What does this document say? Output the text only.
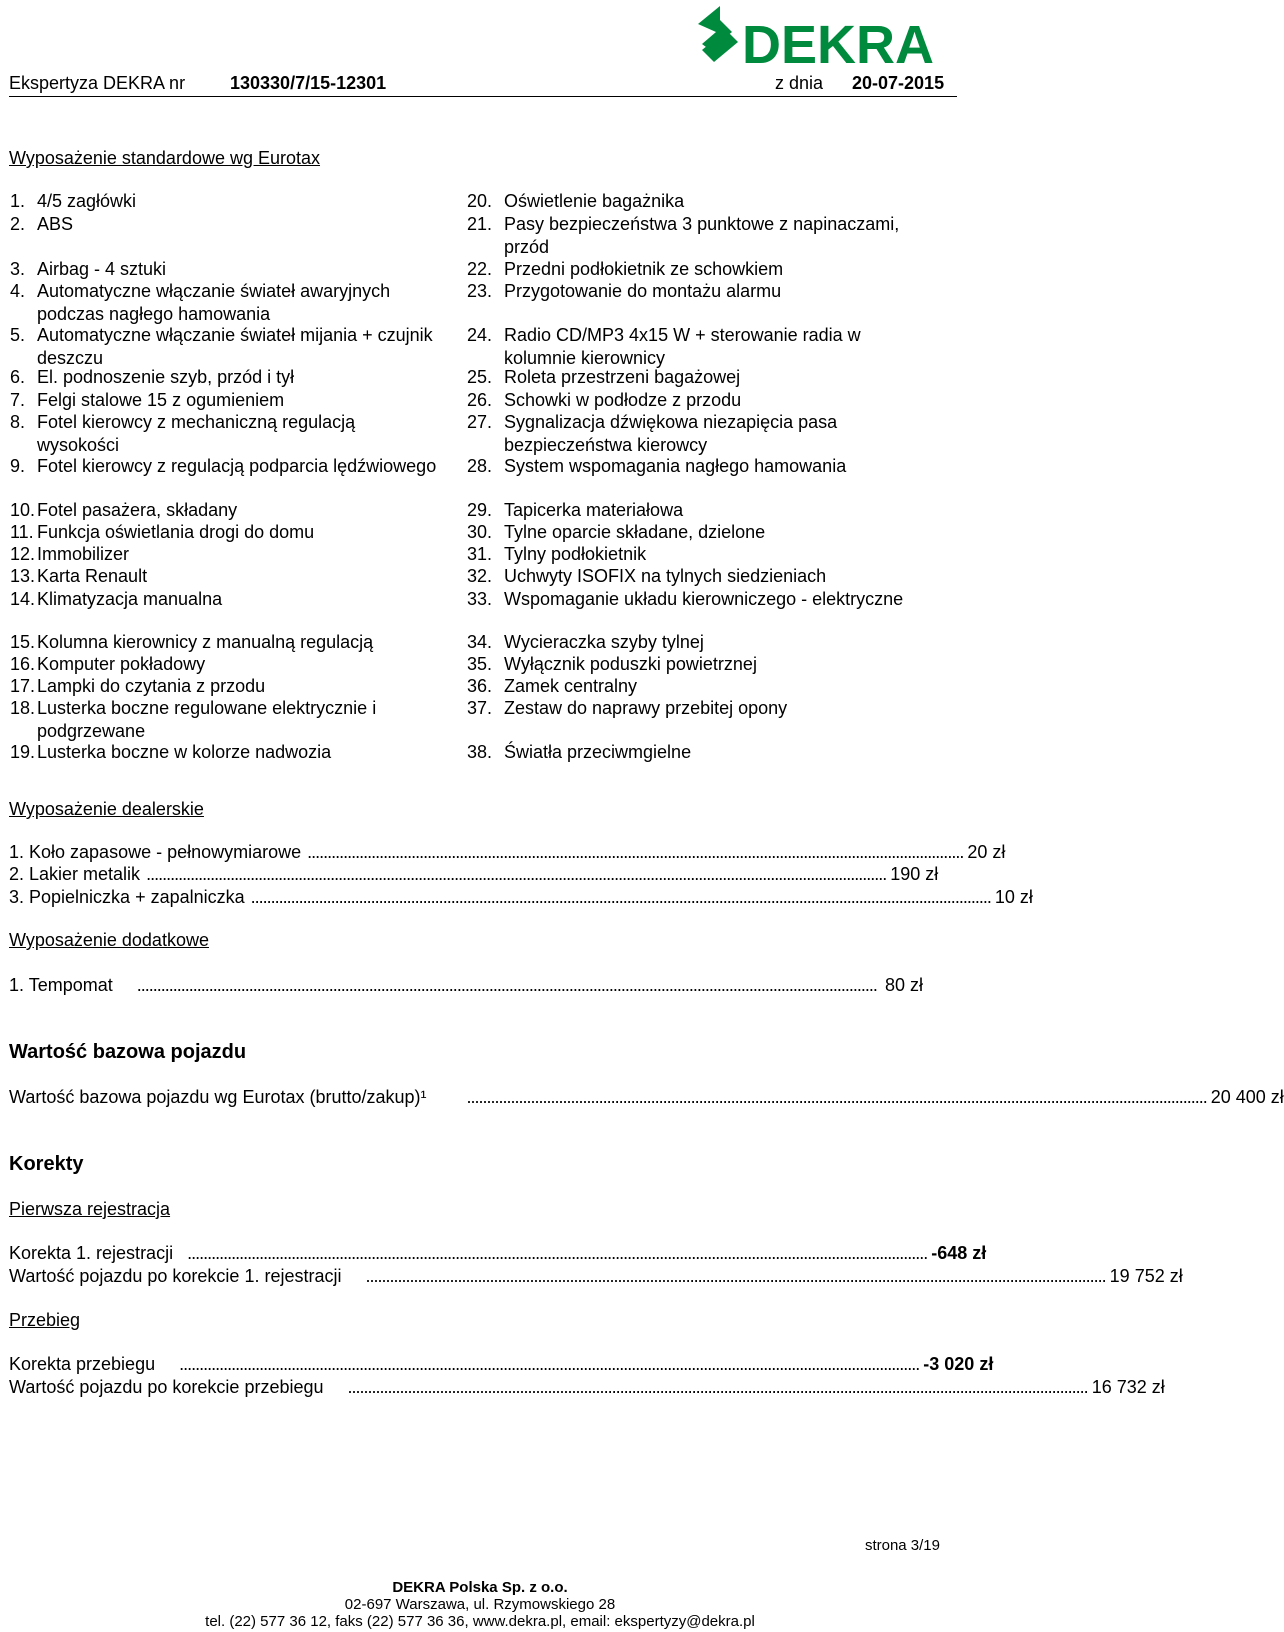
DEKRA
Ekspertyza DEKRA nr 130330/7/15-12301	z dnia 20-07-2015
Wyposażenie standardowe wg Eurotax
1. 4/5 zagłówki
2. ABS
3. Airbag - 4 sztuki
4. Automatyczne włączanie świateł awaryjnych podczas nagłego hamowania
5. Automatyczne włączanie świateł mijania + czujnik deszczu
6. El. podnoszenie szyb, przód i tył
7. Felgi stalowe 15 z ogumieniem
8. Fotel kierowcy z mechaniczną regulacją wysokości
9. Fotel kierowcy z regulacją podparcia lędźwiowego
10. Fotel pasażera, składany
11. Funkcja oświetlania drogi do domu
12. Immobilizer
13. Karta Renault
14. Klimatyzacja manualna
15. Kolumna kierownicy z manualną regulacją
16. Komputer pokładowy
17. Lampki do czytania z przodu
18. Lusterka boczne regulowane elektrycznie i podgrzewane
19. Lusterka boczne w kolorze nadwozia
20. Oświetlenie bagażnika
21. Pasy bezpieczeństwa 3 punktowe z napinaczami, przód
22. Przedni podłokietnik ze schowkiem
23. Przygotowanie do montażu alarmu
24. Radio CD/MP3 4x15 W + sterowanie radia w kolumnie kierownicy
25. Roleta przestrzeni bagażowej
26. Schowki w podłodze z przodu
27. Sygnalizacja dźwiękowa niezapięcia pasa bezpieczeństwa kierowcy
28. System wspomagania nagłego hamowania
29. Tapicerka materiałowa
30. Tylne oparcie składane, dzielone
31. Tylny podłokietnik
32. Uchwyty ISOFIX na tylnych siedzieniach
33. Wspomaganie układu kierowniczego - elektryczne
34. Wycieraczka szyby tylnej
35. Wyłącznik poduszki powietrznej
36. Zamek centralny
37. Zestaw do naprawy przebitej opony
38. Światła przeciwmgielne
Wyposażenie dealerskie
1. Koło zapasowe - pełnowymiarowe .................................................................................................................................................................... 20 zł
2. Lakier metalik ......................................................................................................................................................................................... 190 zł
3. Popielniczka + zapalniczka ......................................................................................................................................................................................... 10 zł
Wyposażenie dodatkowe
1. Tempomat	......................................................................................................................................................................................... 80 zł
Wartość bazowa pojazdu
Wartość bazowa pojazdu wg Eurotax (brutto/zakup)¹	......................................................................................................................................................................................... 20 400 zł
Korekty
Pierwsza rejestracja
Korekta 1. rejestracji ......................................................................................................................................................................................... -648 zł
Wartość pojazdu po korekcie 1. rejestracji	......................................................................................................................................................................................... 19 752 zł
Przebieg
Korekta przebiegu	......................................................................................................................................................................................... -3 020 zł
Wartość pojazdu po korekcie przebiegu	......................................................................................................................................................................................... 16 732 zł
strona 3/19
DEKRA Polska Sp. z o.o.
02-697 Warszawa, ul. Rzymowskiego 28
tel. (22) 577 36 12, faks (22) 577 36 36, www.dekra.pl, email: ekspertyzy@dekra.pl
